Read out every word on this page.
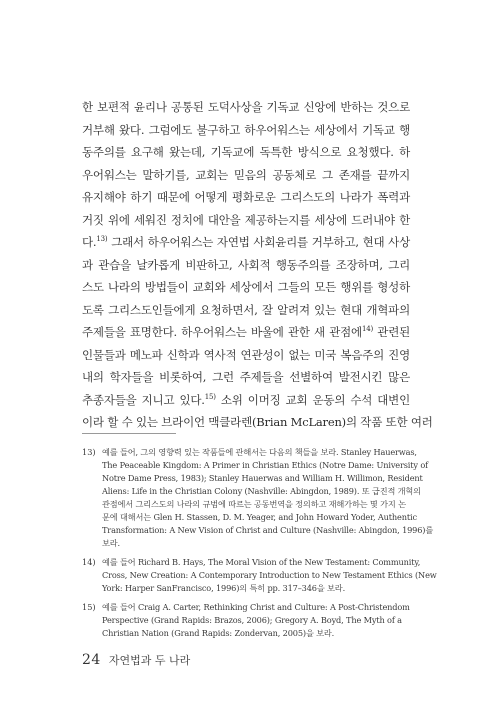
한 보편적 윤리나 공통된 도덕사상을 기독교 신앙에 반하는 것으로
거부해 왔다. 그럼에도 불구하고 하우어워스는 세상에서 기독교 행
동주의를 요구해 왔는데, 기독교에 독특한 방식으로 요청했다. 하
우어워스는 말하기를, 교회는 믿음의 공동체로 그 존재를 끝까지
유지해야 하기 때문에 어떻게 평화로운 그리스도의 나라가 폭력과
거짓 위에 세워진 정치에 대안을 제공하는지를 세상에 드러내야 한
다.$^{13)}$ 그래서 하우어워스는 자연법 사회윤리를 거부하고, 현대 사상
과 관습을 날카롭게 비판하고, 사회적 행동주의를 조장하며, 그리
스도 나라의 방법들이 교회와 세상에서 그들의 모든 행위를 형성하
도록 그리스도인들에게 요청하면서, 잘 알려져 있는 현대 개혁파의
주제들을 표명한다. 하우어워스는 바울에 관한 새 관점에$^{14)}$ 관련된
인물들과 메노파 신학과 역사적 연관성이 없는 미국 복음주의 진영
내의 학자들을 비롯하여, 그런 주제들을 선별하여 발전시킨 많은
추종자들을 지니고 있다.$^{15)}$ 소위 이머징 교회 운동의 수석 대변인
이라 할 수 있는 브라이언 맥클라렌(Brian McLaren)의 작품 또한 여러
13) 예를 들어, 그의 영향력 있는 작품들에 관해서는 다음의 책들을 보라. Stanley Hauerwas,
The Peaceable Kingdom: A Primer in Christian Ethics (Notre Dame: University of
Notre Dame Press, 1983); Stanley Hauerwas and William H. Willimon, Resident
Aliens: Life in the Christian Colony (Nashville: Abingdon, 1989). 또 급진적 개혁의
관점에서 그리스도의 나라의 규범에 따르는 공동번역을 정의하고 재해가하는 몇 가지 논
문에 대해서는 Glen H. Stassen, D. M. Yeager, and John Howard Yoder, Authentic
Transformation: A New Vision of Christ and Culture (Nashville: Abingdon, 1996)를
보라.
14) 예를 들어 Richard B. Hays, The Moral Vision of the New Testament: Community,
Cross, New Creation: A Contemporary Introduction to New Testament Ethics (New
York: Harper SanFrancisco, 1996)의 특히 pp. 317–346을 보라.
15) 예를 들어 Craig A. Carter, Rethinking Christ and Culture: A Post-Christendom
Perspective (Grand Rapids: Brazos, 2006); Gregory A. Boyd, The Myth of a
Christian Nation (Grand Rapids: Zondervan, 2005)을 보라.
24 자연법과 두 나라
